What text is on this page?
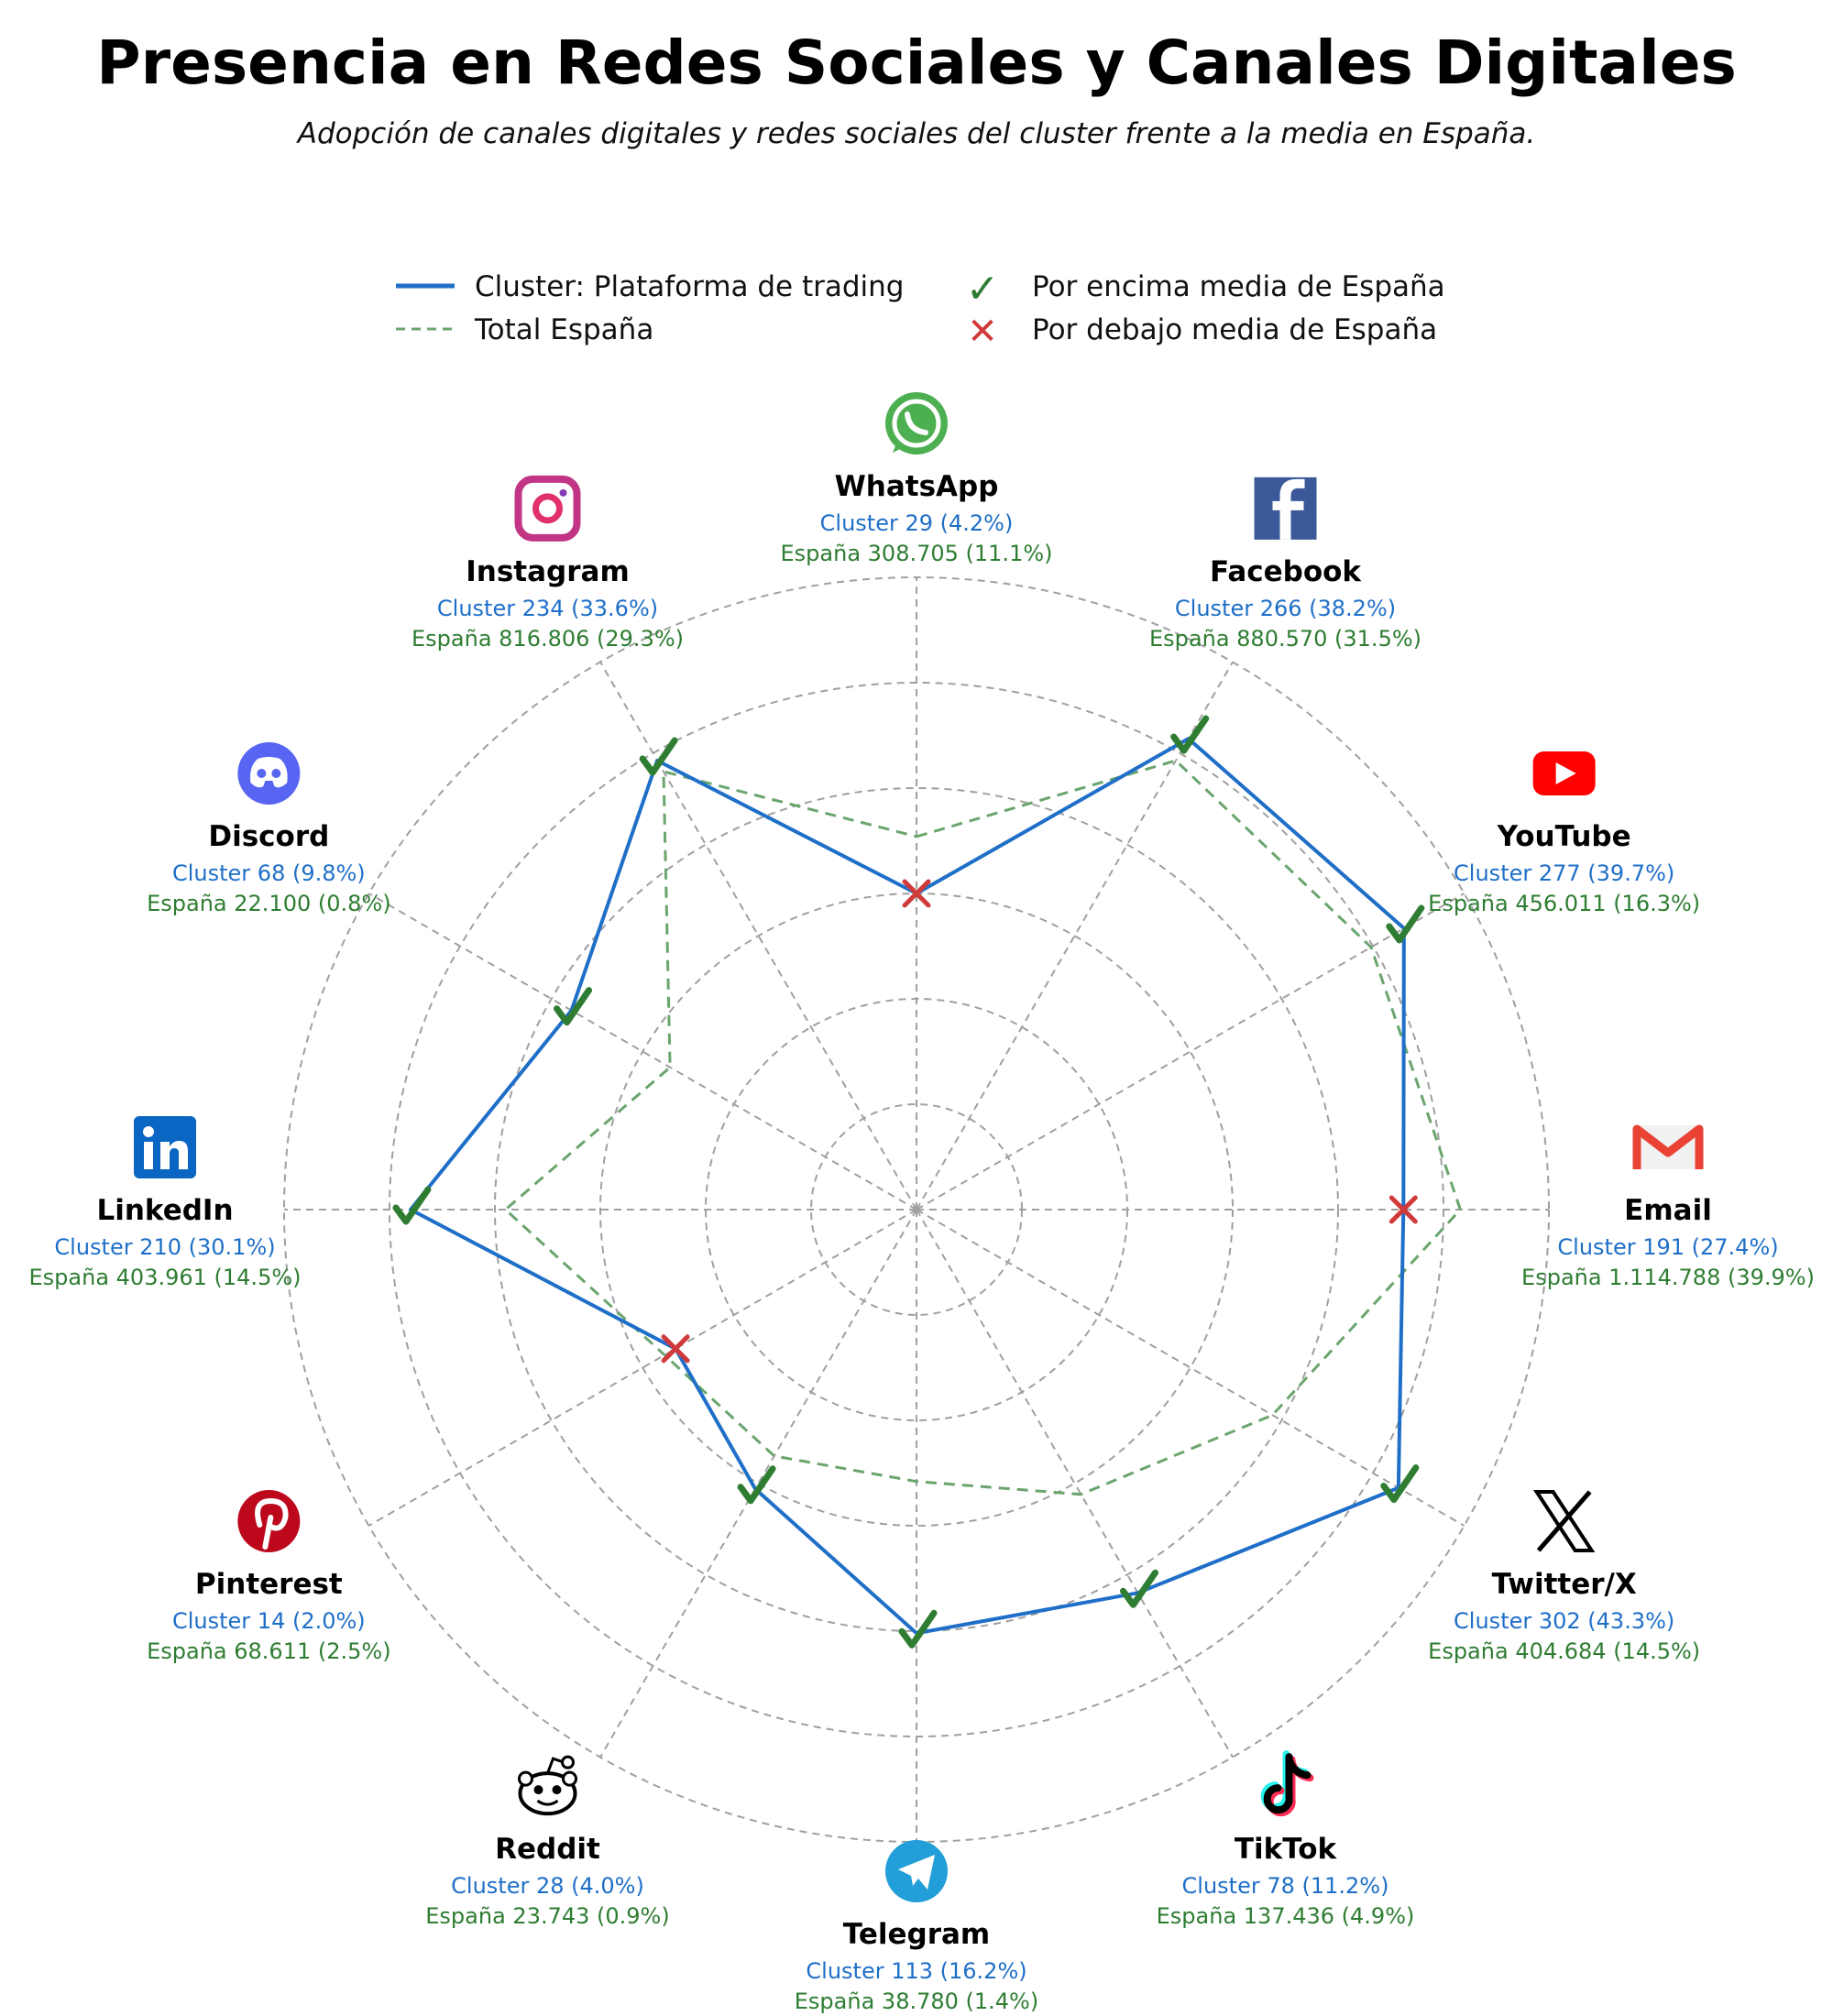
Presencia en Redes Sociales y Canales Digitales

Adopción de canales digitales y redes sociales del cluster frente a la media en España.

Cluster: Plataforma de trading
Total España
✓ Por encima media de España
✕ Por debajo media de España
WhatsApp
Cluster 29 (4.2%)
España 308.705 (11.1%)
Facebook
Cluster 266 (38.2%)
España 880.570 (31.5%)
YouTube
Cluster 277 (39.7%)
España 456.011 (16.3%)
Email
Cluster 191 (27.4%)
España 1.114.788 (39.9%)
Twitter/X
Cluster 302 (43.3%)
España 404.684 (14.5%)
TikTok
Cluster 78 (11.2%)
España 137.436 (4.9%)
Telegram
Cluster 113 (16.2%)
España 38.780 (1.4%)
Reddit
Cluster 28 (4.0%)
España 23.743 (0.9%)
Pinterest
Cluster 14 (2.0%)
España 68.611 (2.5%)
LinkedIn
Cluster 210 (30.1%)
España 403.961 (14.5%)
Discord
Cluster 68 (9.8%)
España 22.100 (0.8%)
Instagram
Cluster 234 (33.6%)
España 816.806 (29.3%)
